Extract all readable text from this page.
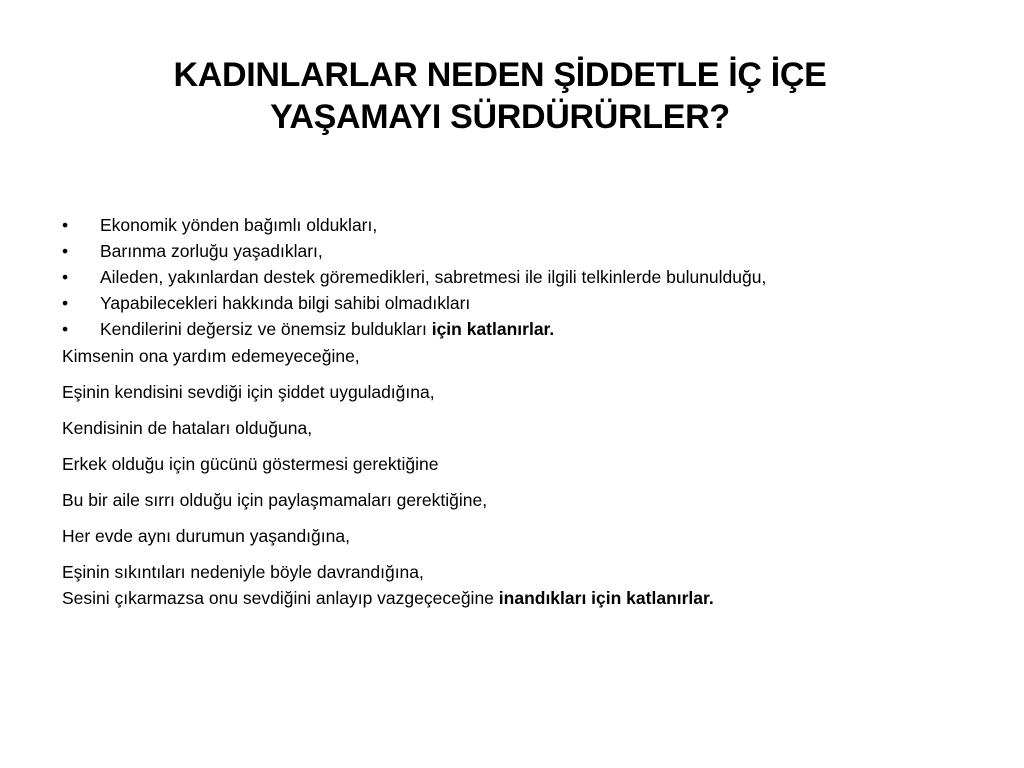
KADINLARLAR NEDEN ŞİDDETLE İÇ İÇE
YAŞAMAYI SÜRDÜRÜRLER?
• Ekonomik yönden bağımlı oldukları,
• Barınma zorluğu yaşadıkları,
• Aileden, yakınlardan destek göremedikleri, sabretmesi ile ilgili telkinlerde bulunulduğu,
• Yapabilecekleri hakkında bilgi sahibi olmadıkları
• Kendilerini değersiz ve önemsiz buldukları için katlanırlar.

Kimsenin ona yardım edemeyeceğine,

Eşinin kendisini sevdiği için şiddet uyguladığına,

Kendisinin de hataları olduğuna,

Erkek olduğu için gücünü göstermesi gerektiğine

Bu bir aile sırrı olduğu için paylaşmamaları gerektiğine,

Her evde aynı durumun yaşandığına,

Eşinin sıkıntıları nedeniyle böyle davrandığına,

Sesini çıkarmazsa onu sevdiğini anlayıp vazgeçeceğine inandıkları için katlanırlar.
